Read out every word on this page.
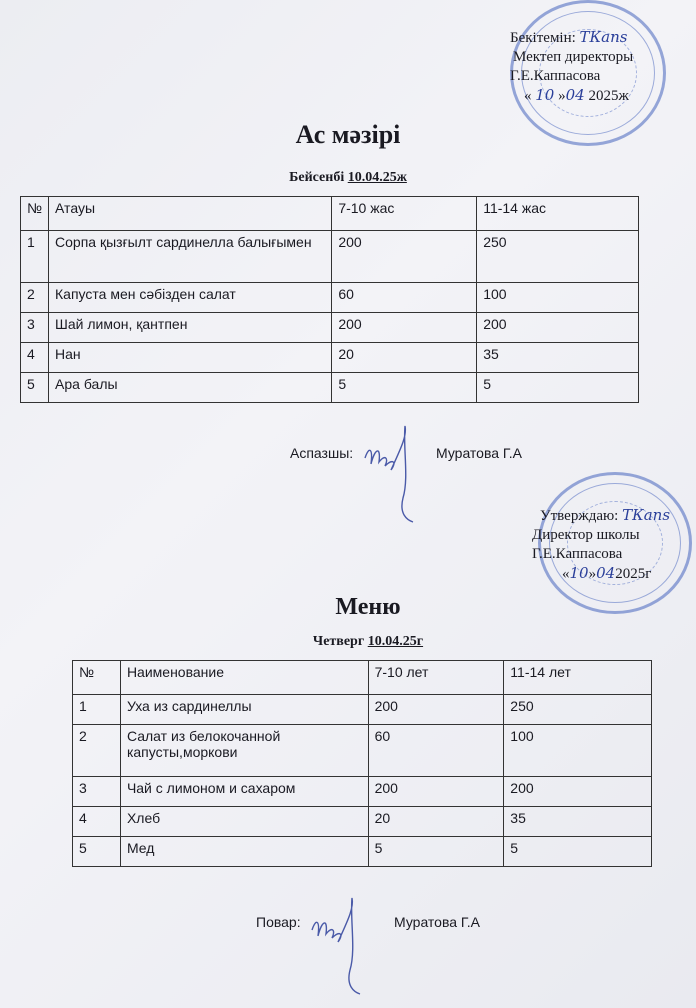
Бекітемін: ТКапs
Мектеп директоры
Г.Е.Каппасова
« 10 »04 2025ж
Ас мәзірі
Бейсенбі 10.04.25ж
№	Атауы	7-10 жас	11-14 жас
1	Сорпа қызғылт сардинелла балығымен	200	250
2	Капуста мен сәбізден салат	60	100
3	Шай лимон, қантпен	200	200
4	Нан	20	35
5	Ара балы	5	5
Аспазшы:	Муратова Г.А
Утверждаю: ТКапs
Директор школы
Г.Е.Каппасова
«10»042025г
Меню
Четверг 10.04.25г
№	Наименование	7-10 лет	11-14 лет
1	Уха из сардинеллы	200	250
2	Салат из белокочанной капусты,моркови	60	100
3	Чай с лимоном и сахаром	200	200
4	Хлеб	20	35
5	Мед	5	5
Повар:	Муратова Г.А
